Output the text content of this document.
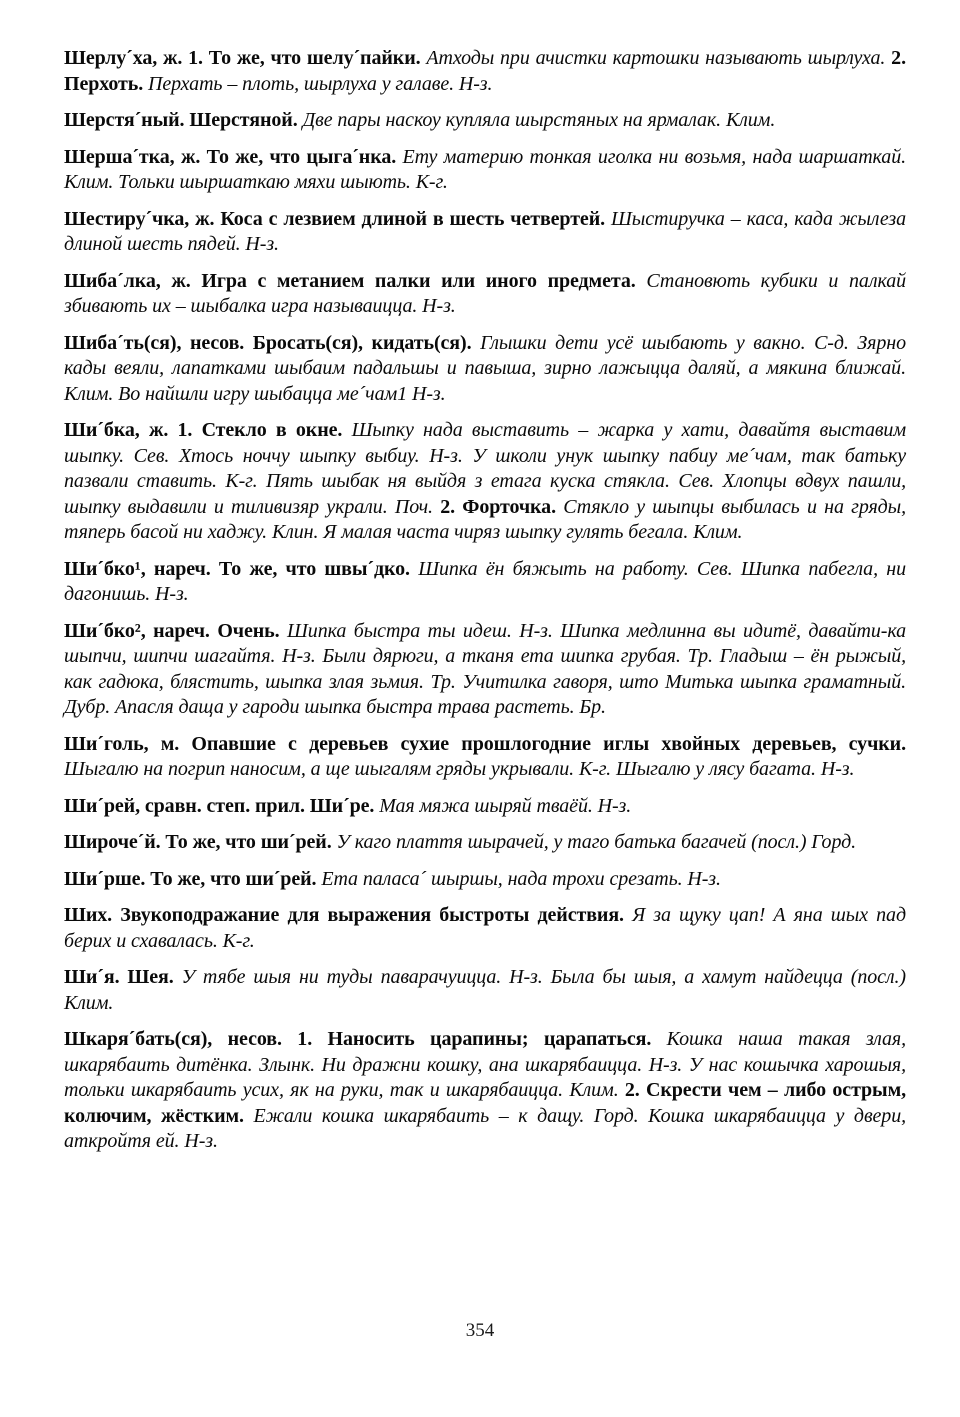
Шерлу´ха, ж. 1. То же, что шелу´пайки. Атходы при ачистки картошки называють шырлуха. 2. Перхоть. Перхать – плоть, шырлуха у галаве. Н-з.

Шерстя´ный. Шерстяной. Две пары наскоу купляла шырстяных на ярмалак. Клим.

Шерша´тка, ж. То же, что цыга´нка. Ету материю тонкая иголка ни возьмя, нада шаршаткай. Клим. Тольки шыршаткаю мяхи шыють. К-г.

Шестиру´чка, ж. Коса с лезвием длиной в шесть четвертей. Шыстиручка – каса, када жылеза длиной шесть пядей. Н-з.

Шиба´лка, ж. Игра с метанием палки или иного предмета. Становють кубики и палкай збивають их – шыбалка игра называицца. Н-з.

Шиба´ть(ся), несов. Бросать(ся), кидать(ся). Глышки дети усё шыбають у вакно. С-д. Зярно кады веяли, лапатками шыбаим падальшы и павыша, зирно лажыцца даляй, а мякина ближай. Клим. Во найшли игру шыбацца ме´чам1 Н-з.

Ши´бка, ж. 1. Стекло в окне. Шыпку нада выставить – жарка у хати, давайтя выставим шыпку. Сев. Хтось ноччу шыпку выбиу. Н-з. У школи унук шыпку пабиу ме´чам, так батьку пазвали ставить. К-г. Пять шыбак ня выйдя з етага куска стякла. Сев. Хлопцы вдвух пашли, шыпку выдавили и тиливизяр украли. Поч. 2. Форточка. Стякло у шыпцы выбилась и на гряды, тяперь басой ни хаджу. Клин. Я малая часта чиряз шыпку гулять бегала. Клим.

Ши´бко¹, нареч. То же, что швы´дко. Шипка ён бяжыть на работу. Сев. Шипка пабегла, ни дагонишь. Н-з.

Ши´бко², нареч. Очень. Шипка быстра ты идеш. Н-з. Шипка медлинна вы идитё, давайти-ка шыпчи, шипчи шагайтя. Н-з. Были дярюги, а тканя ета шипка грубая. Тр. Гладыш – ён рыжый, как гадюка, блястить, шыпка злая зьмия. Тр. Учитилка гаворя, што Митька шыпка граматный. Дубр. Апасля даща у гароди шыпка быстра трава растеть. Бр.

Ши´голь, м. Опавшие с деревьев сухие прошлогодние иглы хвойных деревьев, сучки. Шыгалю на погрип наносим, а ще шыгалям гряды укрывали. К-г. Шыгалю у лясу багата. Н-з.

Ши´рей, сравн. степ. прил. Ши´ре. Мая мяжа шыряй тваёй. Н-з.

Широче´й. То же, что ши´рей. У каго плаття шырачей, у таго батька багачей (посл.) Горд.

Ши´рше. То же, что ши´рей. Ета паласа´ шыршы, нада трохи срезать. Н-з.

Ших. Звукоподражание для выражения быстроты действия. Я за щуку цап! А яна шых пад берих и схавалась. К-г.

Ши´я. Шея. У тябе шыя ни туды паварачуицца. Н-з. Была бы шыя, а хамут найдецца (посл.) Клим.

Шкаря´бать(ся), несов. 1. Наносить царапины; царапаться. Кошка наша такая злая, шкарябаить дитёнка. Злынк. Ни дражни кошку, ана шкарябаицца. Н-з. У нас кошычка харошыя, тольки шкарябаить усих, як на руки, так и шкарябаицца. Клим. 2. Скрести чем – либо острым, колючим, жёстким. Ежали кошка шкарябаить – к дащу. Горд. Кошка шкарябаицца у двери, аткройтя ей. Н-з.

354
